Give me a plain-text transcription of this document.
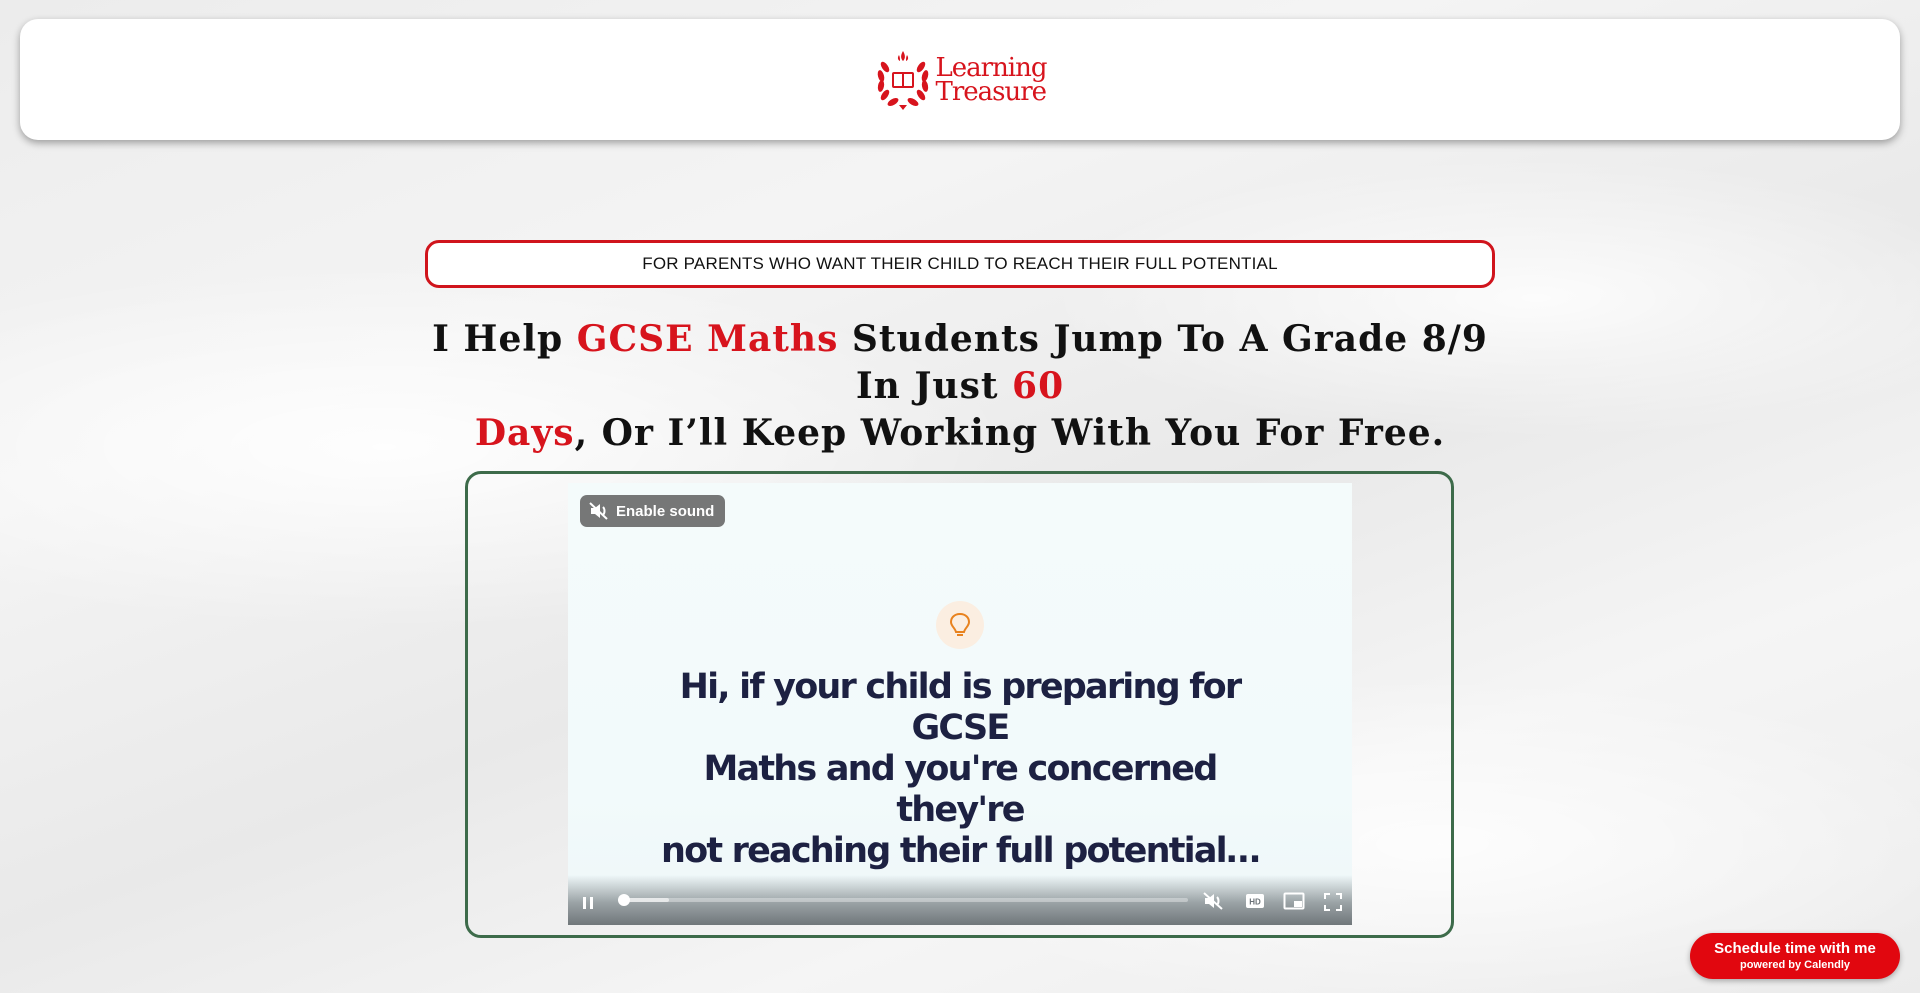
Learning
Treasure
FOR PARENTS WHO WANT THEIR CHILD TO REACH THEIR FULL POTENTIAL
I Help GCSE Maths Students Jump To A Grade 8/9 In Just 60
Days, Or I’ll Keep Working With You For Free.
Enable sound
Hi, if your child is preparing for GCSE
Maths and you're concerned they're
not reaching their full potential…
HD
Schedule time with me
powered by Calendly
